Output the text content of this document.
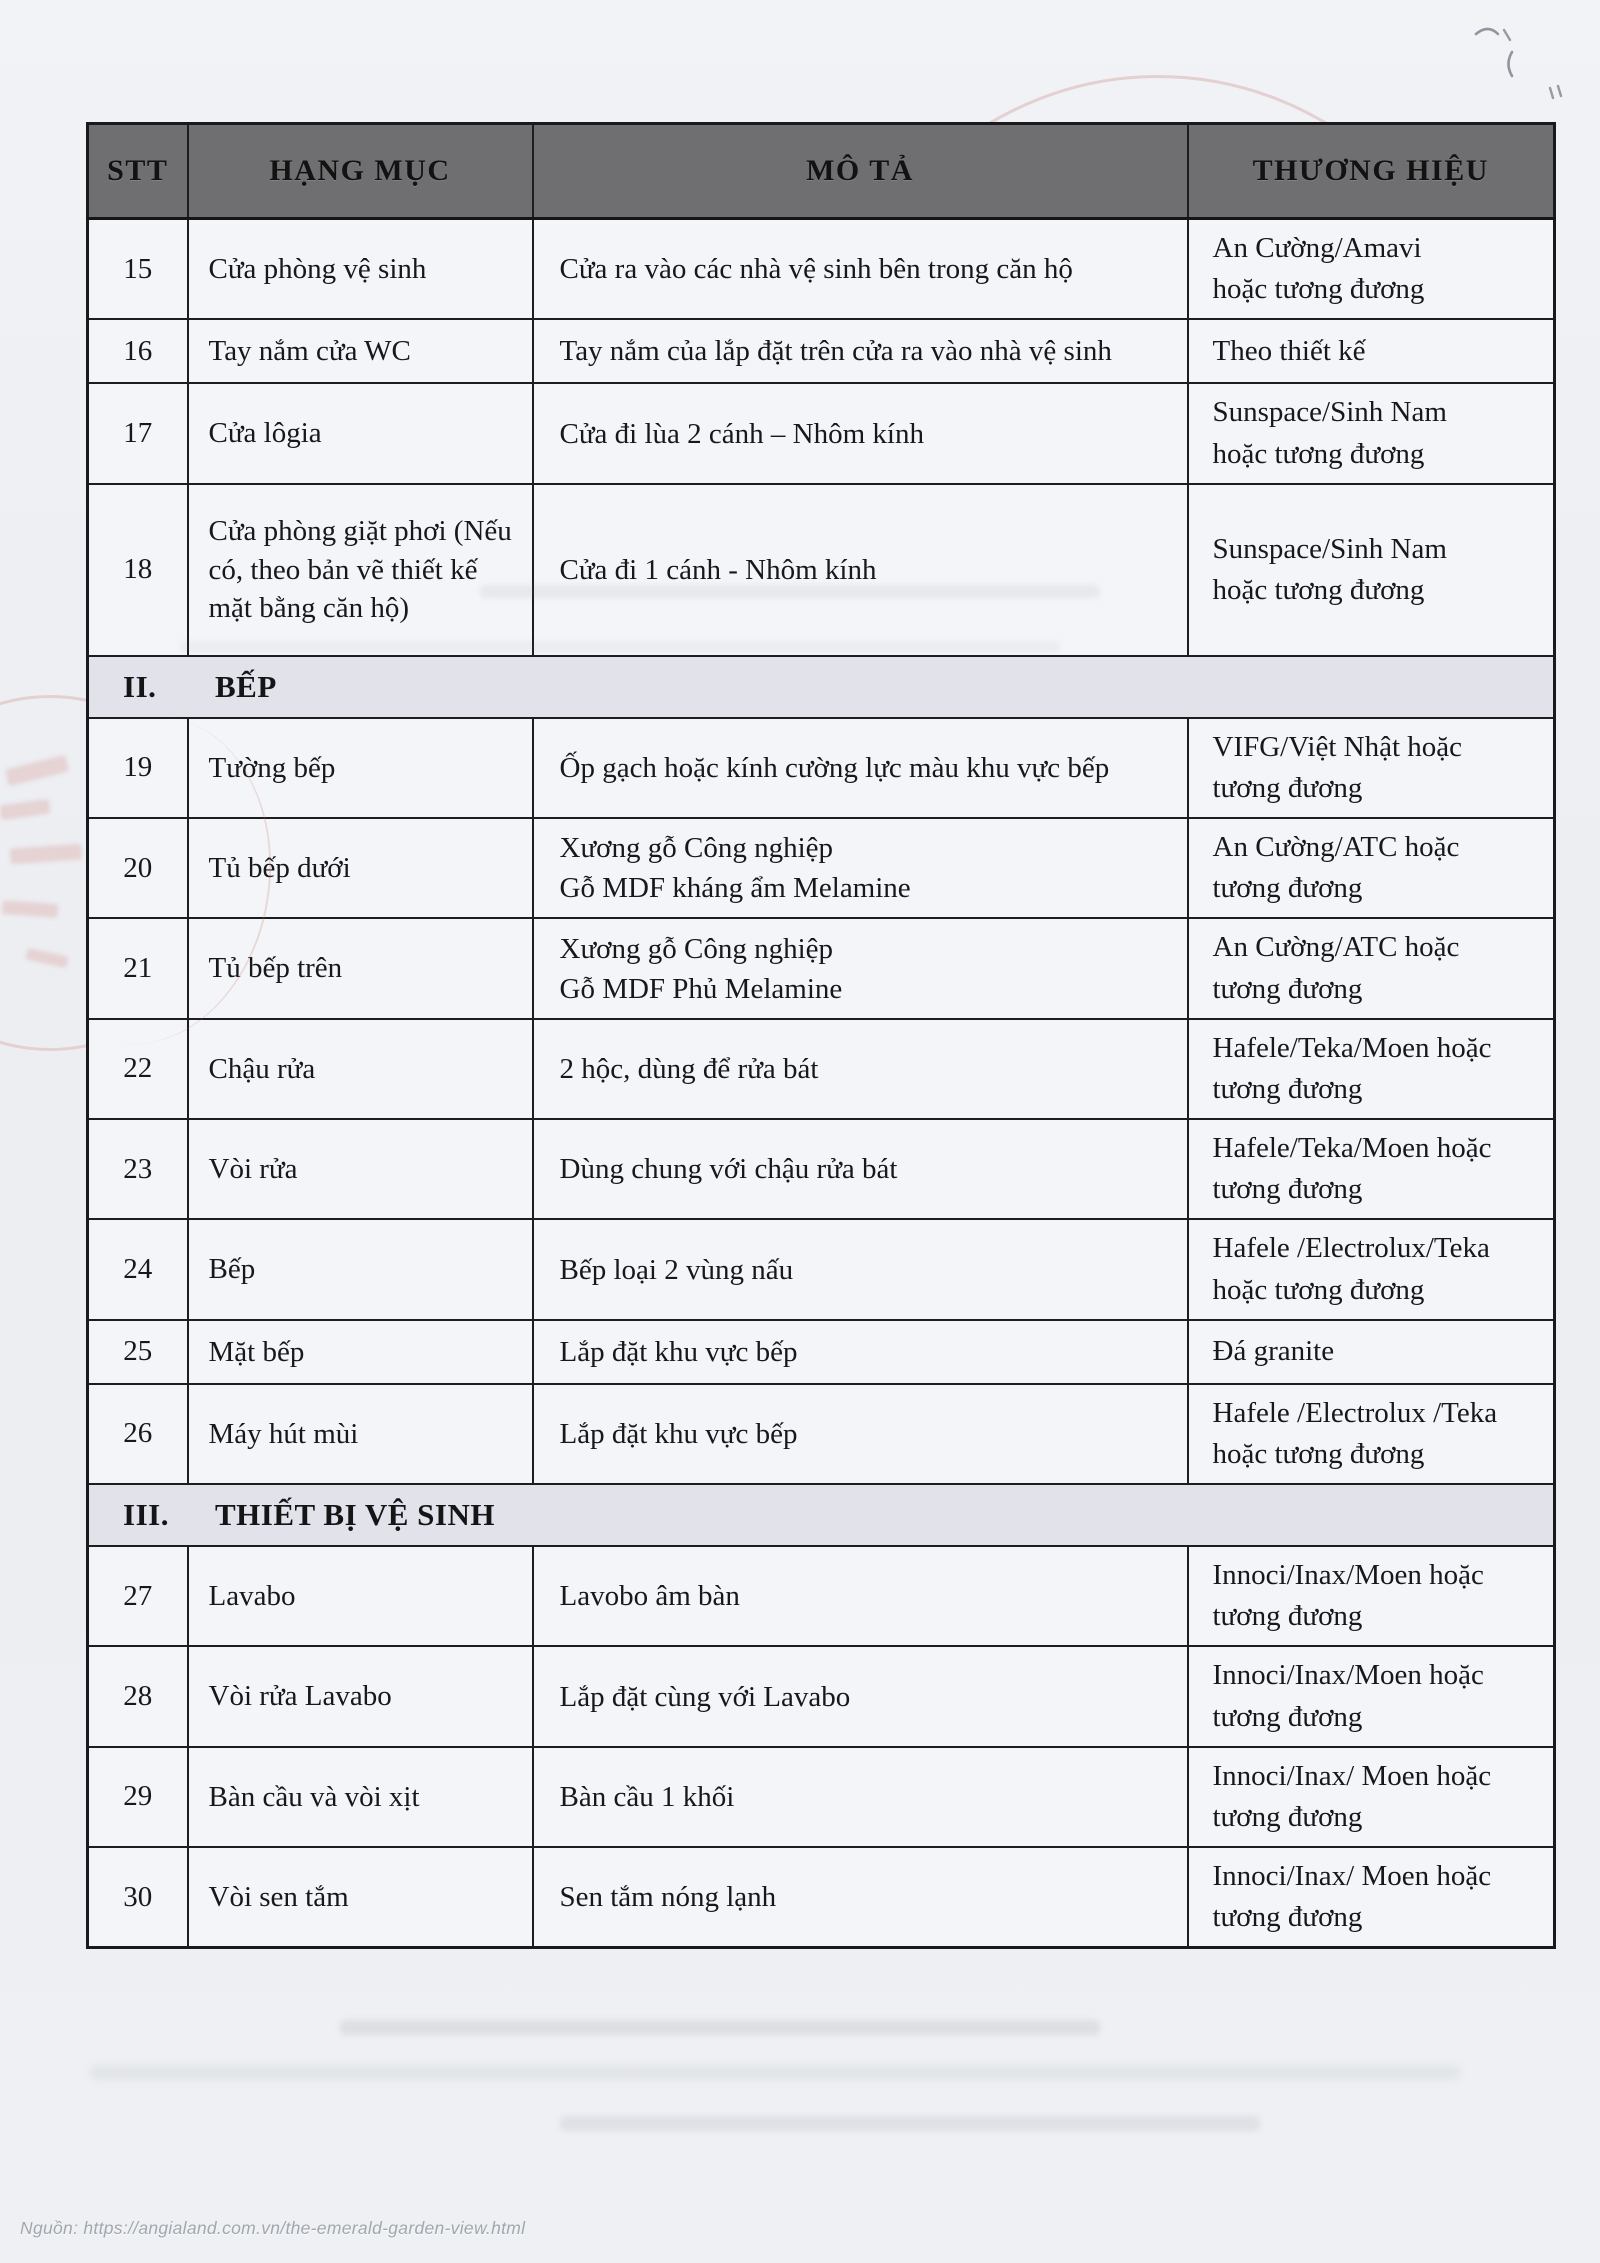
STT	HẠNG MỤC	MÔ TẢ	THƯƠNG HIỆU
15	Cửa phòng vệ sinh	Cửa ra vào các nhà vệ sinh bên trong căn hộ	An Cường/Amavi
hoặc tương đương

16	Tay nắm cửa WC	Tay nắm của lắp đặt trên cửa ra vào nhà vệ sinh	Theo thiết kế

17	Cửa lôgia	Cửa đi lùa 2 cánh – Nhôm kính	Sunspace/Sinh Nam
hoặc tương đương

18	Cửa phòng giặt phơi (Nếu có, theo bản vẽ thiết kế mặt bằng căn hộ)	Cửa đi 1 cánh - Nhôm kính	Sunspace/Sinh Nam
hoặc tương đương

II. BẾP			

19	Tường bếp	Ốp gạch hoặc kính cường lực màu khu vực bếp	VIFG/Việt Nhật hoặc
tương đương

20	Tủ bếp dưới	Xương gỗ Công nghiệp
Gỗ MDF kháng ẩm Melamine	An Cường/ATC hoặc
tương đương

21	Tủ bếp trên	Xương gỗ Công nghiệp
Gỗ MDF Phủ Melamine	An Cường/ATC hoặc
tương đương

22	Chậu rửa	2 hộc, dùng để rửa bát	Hafele/Teka/Moen hoặc
tương đương

23	Vòi rửa	Dùng chung với chậu rửa bát	Hafele/Teka/Moen hoặc
tương đương

24	Bếp	Bếp loại 2 vùng nấu	Hafele /Electrolux/Teka
hoặc tương đương

25	Mặt bếp	Lắp đặt khu vực bếp	Đá granite

26	Máy hút mùi	Lắp đặt khu vực bếp	Hafele /Electrolux /Teka
hoặc tương đương

III. THIẾT BỊ VỆ SINH			

27	Lavabo	Lavobo âm bàn	Innoci/Inax/Moen hoặc
tương đương

28	Vòi rửa Lavabo	Lắp đặt cùng với Lavabo	Innoci/Inax/Moen hoặc
tương đương

29	Bàn cầu và vòi xịt	Bàn cầu 1 khối	Innoci/Inax/ Moen hoặc
tương đương

30	Vòi sen tắm	Sen tắm nóng lạnh	Innoci/Inax/ Moen hoặc
tương đương
Nguồn: https://angialand.com.vn/the-emerald-garden-view.html
